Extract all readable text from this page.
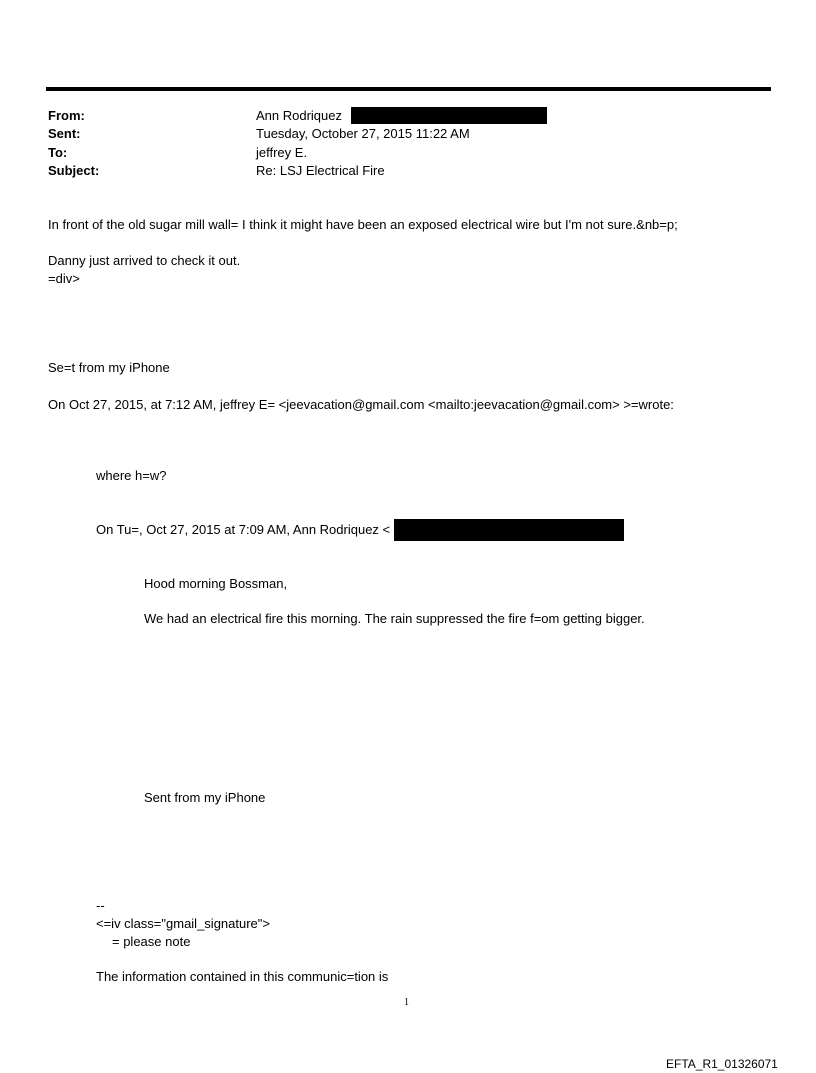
From:	Ann Rodriquez
Sent:	Tuesday, October 27, 2015 11:22 AM
To:	jeffrey E.
Subject:	Re: LSJ Electrical Fire
In front of the old sugar mill wall= I think it might have been an exposed electrical wire but I'm not sure.&nb=p;
Danny just arrived to check it out.
=div>
Se=t from my iPhone
On Oct 27, 2015, at 7:12 AM, jeffrey E= <jeevacation@gmail.com <mailto:jeevacation@gmail.com> >=wrote:
where h=w?
On Tu=, Oct 27, 2015 at 7:09 AM, Ann Rodriquez <
Hood morning Bossman,
We had an electrical fire this morning. The rain suppressed the fire f=om getting bigger.
Sent from my iPhone
--
<=iv class="gmail_signature">
= please note
The information contained in this communic=tion is
1
EFTA_R1_01326071
